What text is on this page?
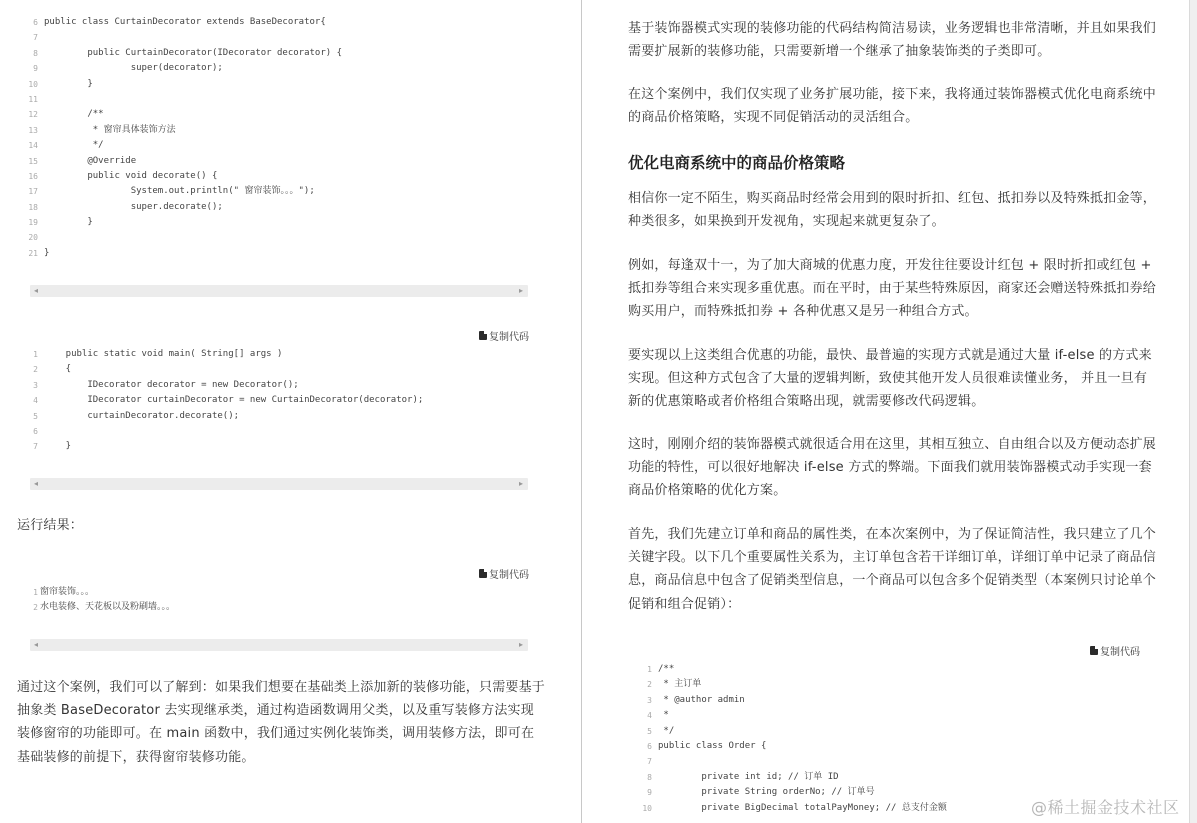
6 public class CurtainDecorator extends BaseDecorator{
7
8 public CurtainDecorator(IDecorator decorator) {
9 super(decorator);
10 }
11
12 /**
13 * 窗帘具体装饰方法
14 */
15 @Override
16 public void decorate() {
17 System.out.println(" 窗帘装饰。。。");
18 super.decorate();
19 }
20
21 }
◂	▸
复制代码
1 public static void main( String[] args )
2 {
3 IDecorator decorator = new Decorator();
4 IDecorator curtainDecorator = new CurtainDecorator(decorator);
5 curtainDecorator.decorate();
6
7 }
◂	▸

运行结果：

复制代码
1 窗帘装饰。。。
2 水电装修、天花板以及粉刷墙。。。
◂	▸

通过这个案例，我们可以了解到：如果我们想要在基础类上添加新的装修功能，只需要基于抽象类 BaseDecorator 去实现继承类，通过构造函数调用父类，以及重写装修方法实现装修窗帘的功能即可。在 main 函数中，我们通过实例化装饰类，调用装修方法，即可在基础装修的前提下，获得窗帘装修功能。

基于装饰器模式实现的装修功能的代码结构简洁易读，业务逻辑也非常清晰，并且如果我们需要扩展新的装修功能，只需要新增一个继承了抽象装饰类的子类即可。

在这个案例中，我们仅实现了业务扩展功能，接下来，我将通过装饰器模式优化电商系统中的商品价格策略，实现不同促销活动的灵活组合。

优化电商系统中的商品价格策略

相信你一定不陌生，购买商品时经常会用到的限时折扣、红包、抵扣券以及特殊抵扣金等，种类很多，如果换到开发视角，实现起来就更复杂了。

例如，每逢双十一，为了加大商城的优惠力度，开发往往要设计红包 + 限时折扣或红包 + 抵扣券等组合来实现多重优惠。而在平时，由于某些特殊原因，商家还会赠送特殊抵扣券给购买用户，而特殊抵扣券 + 各种优惠又是另一种组合方式。

要实现以上这类组合优惠的功能，最快、最普遍的实现方式就是通过大量 if-else 的方式来实现。但这种方式包含了大量的逻辑判断，致使其他开发人员很难读懂业务， 并且一旦有新的优惠策略或者价格组合策略出现，就需要修改代码逻辑。

这时，刚刚介绍的装饰器模式就很适合用在这里，其相互独立、自由组合以及方便动态扩展功能的特性，可以很好地解决 if-else 方式的弊端。下面我们就用装饰器模式动手实现一套商品价格策略的优化方案。

首先，我们先建立订单和商品的属性类，在本次案例中，为了保证简洁性，我只建立了几个关键字段。以下几个重要属性关系为，主订单包含若干详细订单，详细订单中记录了商品信息，商品信息中包含了促销类型信息，一个商品可以包含多个促销类型（本案例只讨论单个促销和组合促销）：

复制代码
1 /**
2 * 主订单
3 * @author admin
4 *
5 */
6 public class Order {
7
8 private int id; // 订单 ID
9 private String orderNo; // 订单号
10 private BigDecimal totalPayMoney; // 总支付金额	@稀土掘金技术社区
